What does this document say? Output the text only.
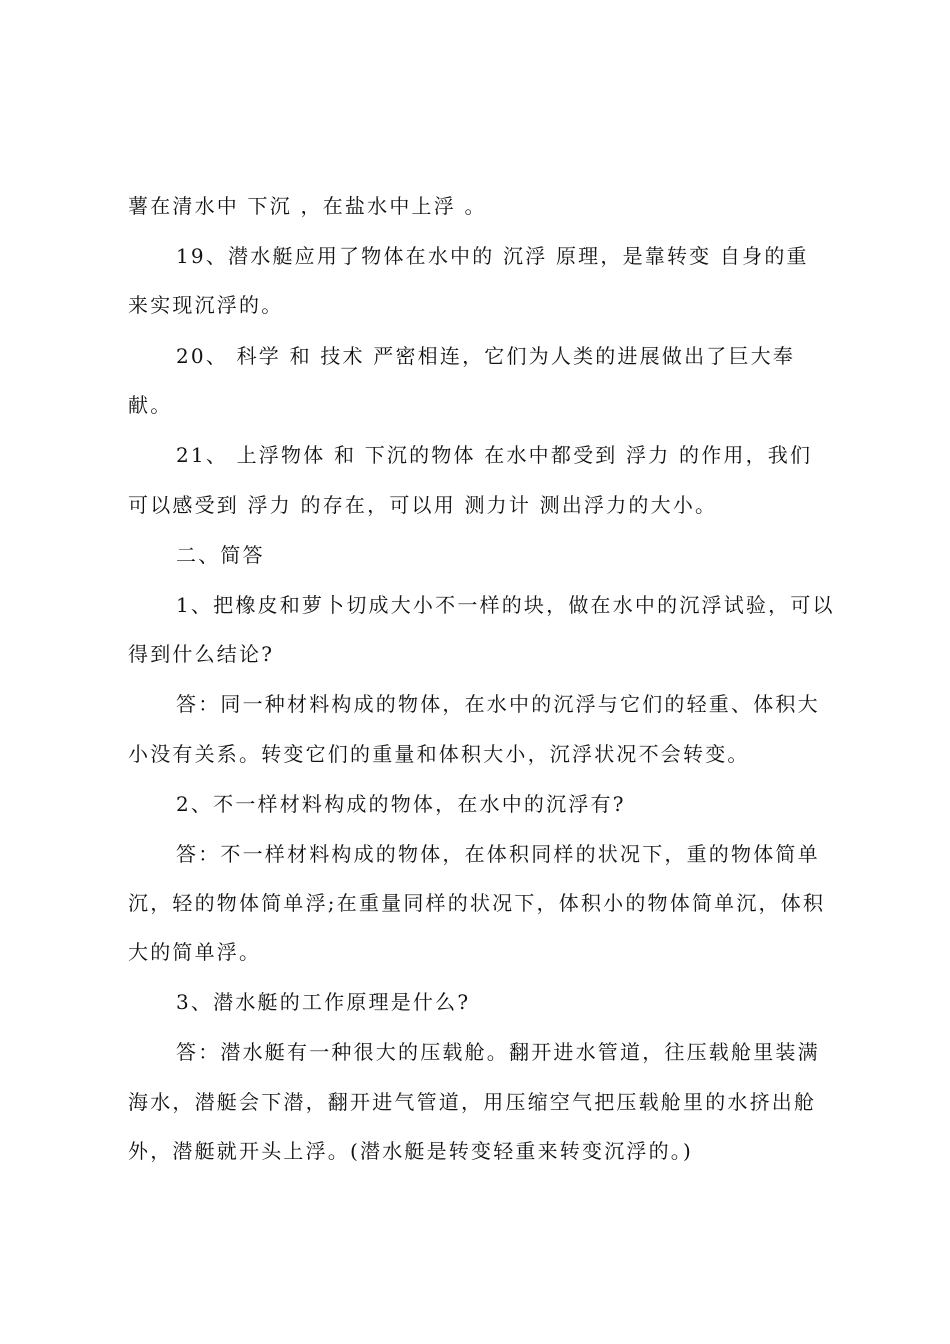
薯在清水中 下沉 ，在盐水中上浮 。
19、潜水艇应用了物体在水中的 沉浮 原理，是靠转变 自身的重
来实现沉浮的。
20、 科学 和 技术 严密相连，它们为人类的进展做出了巨大奉
献。
21、 上浮物体 和 下沉的物体 在水中都受到 浮力 的作用，我们
可以感受到 浮力 的存在，可以用 测力计 测出浮力的大小。
二、简答
1、把橡皮和萝卜切成大小不一样的块，做在水中的沉浮试验，可以
得到什么结论?
答：同一种材料构成的物体，在水中的沉浮与它们的轻重、体积大
小没有关系。转变它们的重量和体积大小，沉浮状况不会转变。
2、不一样材料构成的物体，在水中的沉浮有?
答：不一样材料构成的物体，在体积同样的状况下，重的物体简单
沉，轻的物体简单浮;在重量同样的状况下，体积小的物体简单沉，体积
大的简单浮。
3、潜水艇的工作原理是什么?
答：潜水艇有一种很大的压载舱。翻开进水管道，往压载舱里装满
海水，潜艇会下潜，翻开进气管道，用压缩空气把压载舱里的水挤出舱
外，潜艇就开头上浮。(潜水艇是转变轻重来转变沉浮的。)
